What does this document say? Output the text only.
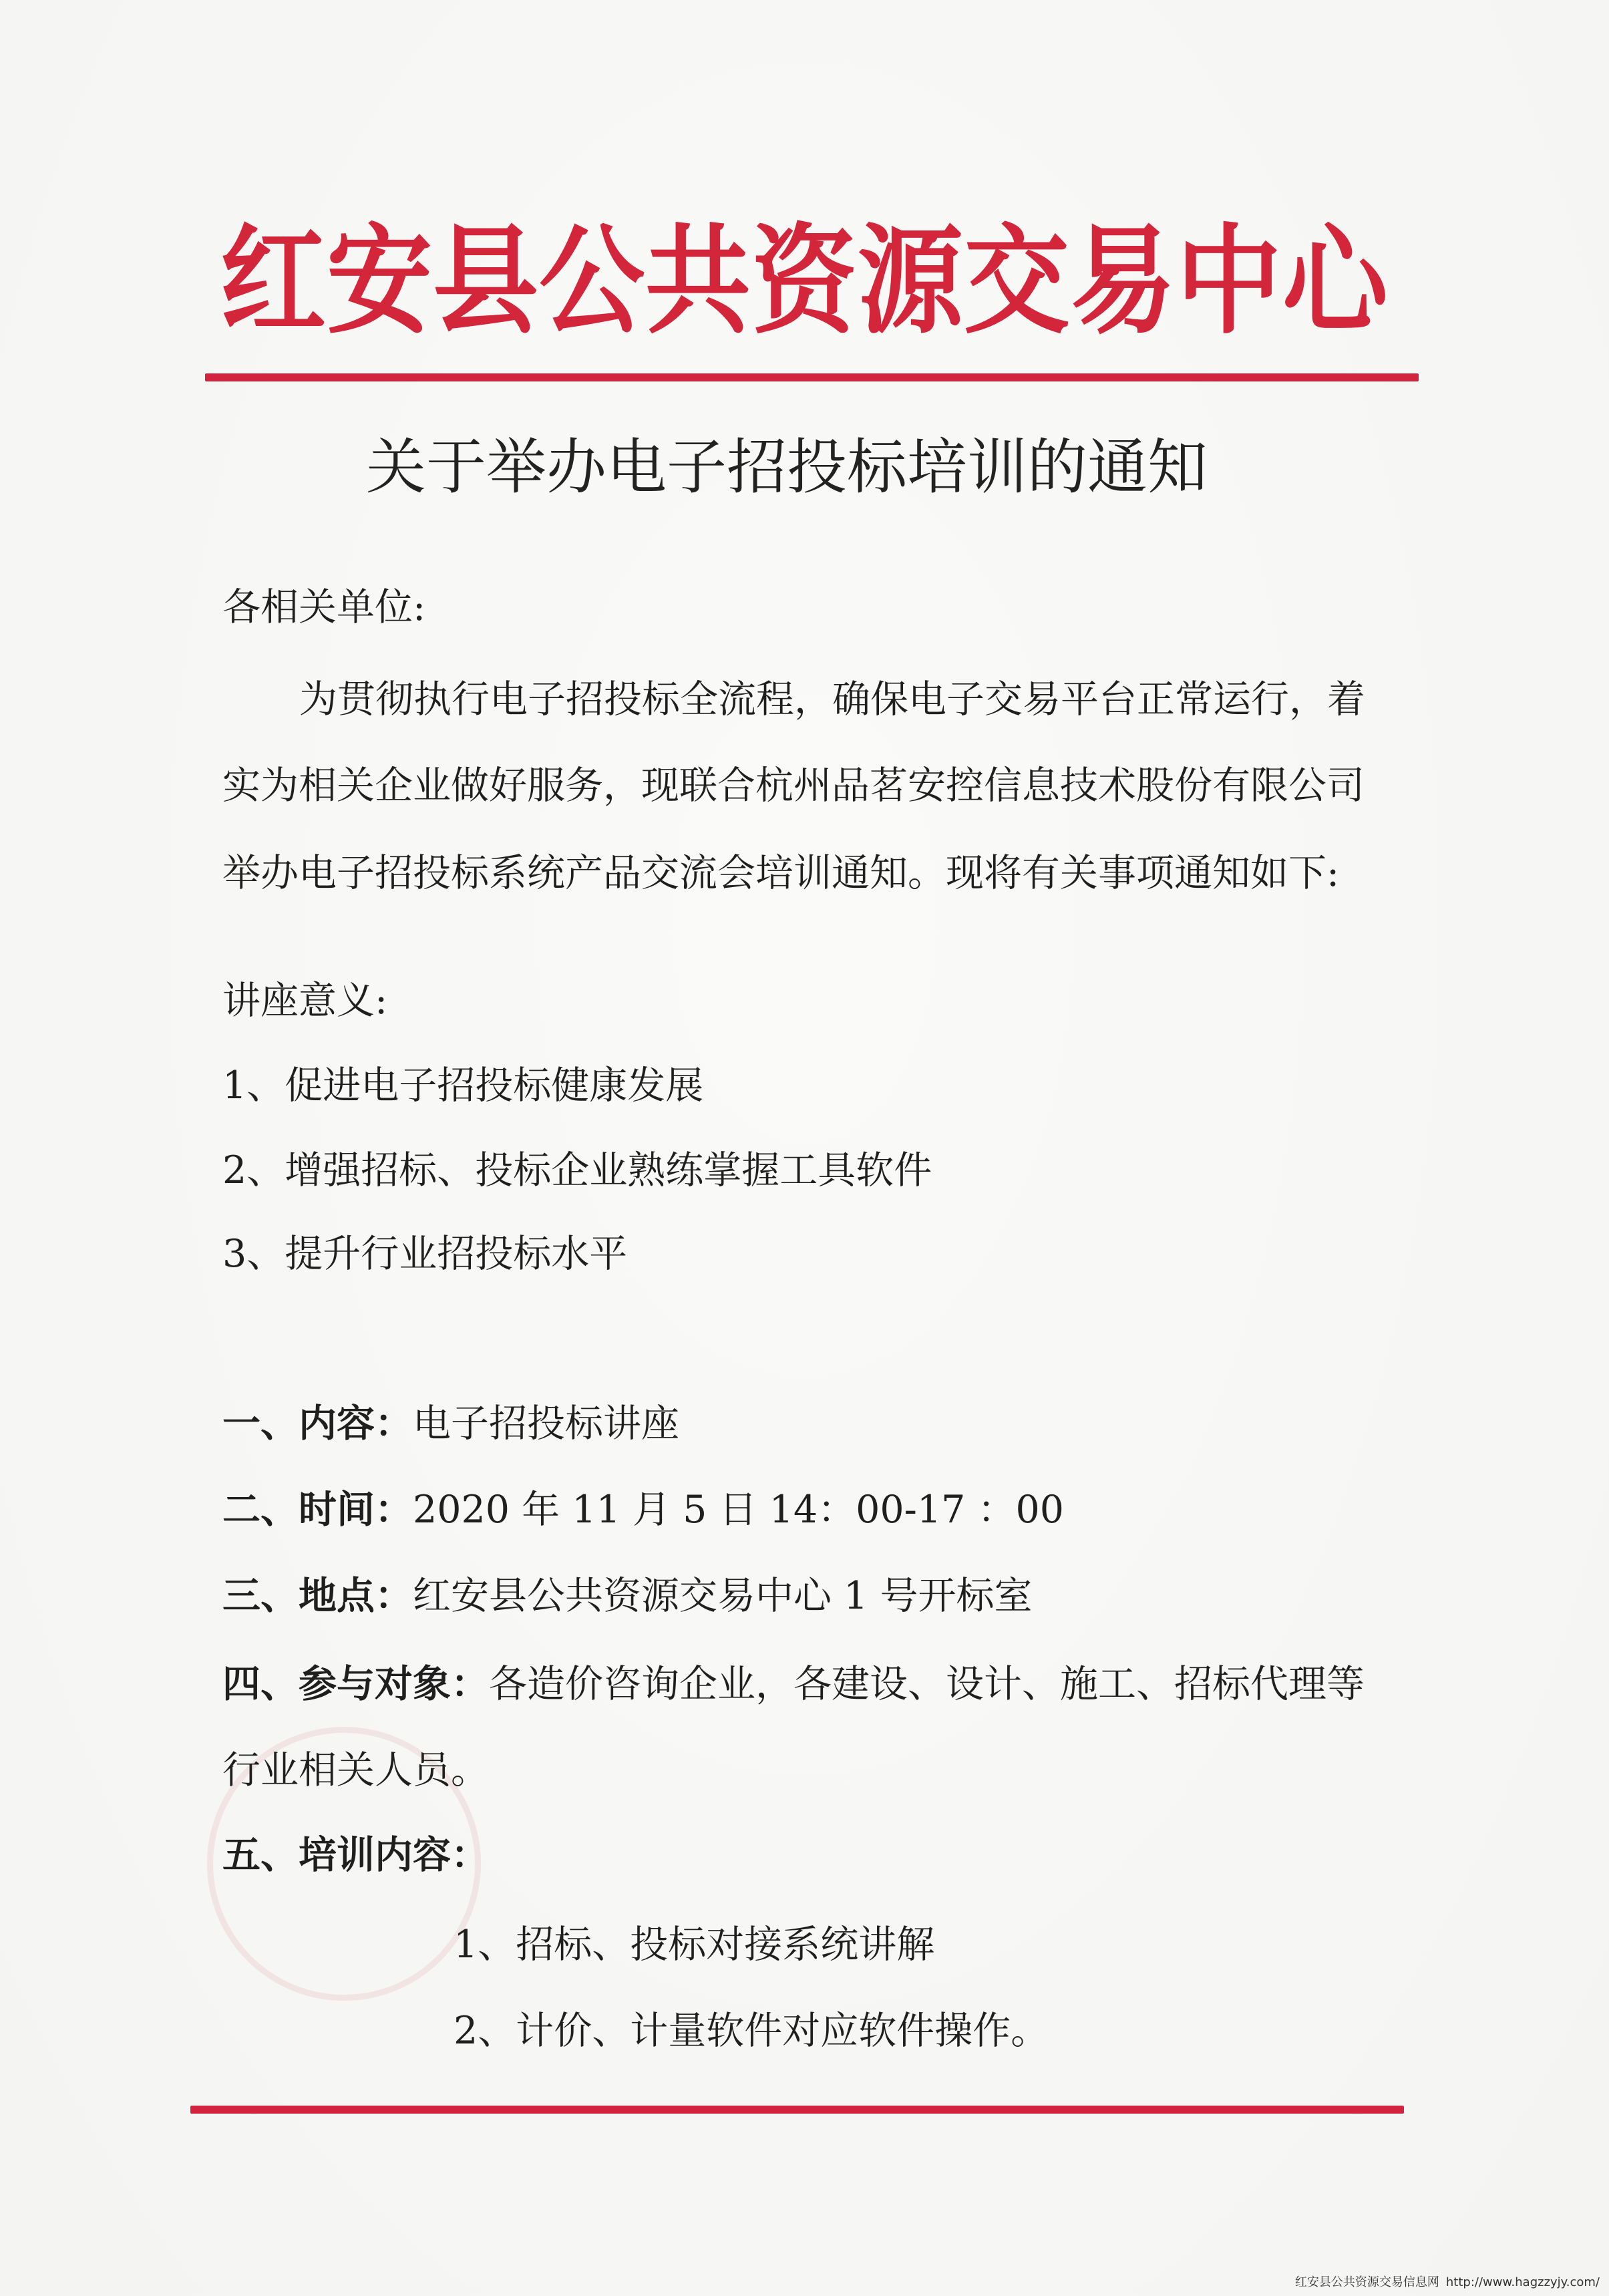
红安县公共资源交易中心
关于举办电子招投标培训的通知
各相关单位:
为贯彻执行电子招投标全流程，确保电子交易平台正常运行，着
实为相关企业做好服务，现联合杭州品茗安控信息技术股份有限公司
举办电子招投标系统产品交流会培训通知。现将有关事项通知如下:
讲座意义:
1、促进电子招投标健康发展
2、增强招标、投标企业熟练掌握工具软件
3、提升行业招投标水平
一、内容：电子招投标讲座
二、时间：2020 年 11 月 5 日 14：00-17 ：00
三、地点：红安县公共资源交易中心 1 号开标室
四、参与对象：各造价咨询企业，各建设、设计、施工、招标代理等
行业相关人员。
五、培训内容：
1、招标、投标对接系统讲解
2、计价、计量软件对应软件操作。
红安县公共资源交易信息网 http://www.hagzzyjy.com/
